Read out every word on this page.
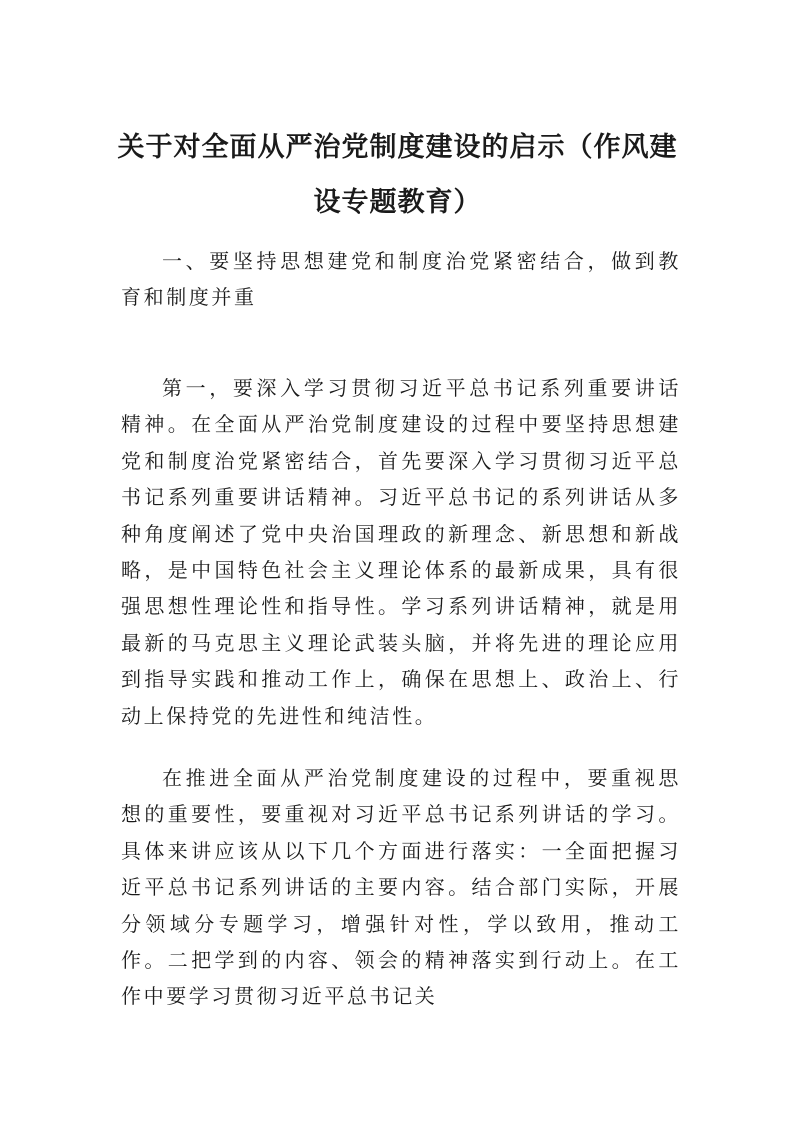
关于对全面从严治党制度建设的启示（作风建设专题教育）

一、要坚持思想建党和制度治党紧密结合，做到教育和制度并重

第一，要深入学习贯彻习近平总书记系列重要讲话精神。在全面从严治党制度建设的过程中要坚持思想建党和制度治党紧密结合，首先要深入学习贯彻习近平总书记系列重要讲话精神。习近平总书记的系列讲话从多种角度阐述了党中央治国理政的新理念、新思想和新战略，是中国特色社会主义理论体系的最新成果，具有很强思想性理论性和指导性。学习系列讲话精神，就是用最新的马克思主义理论武装头脑，并将先进的理论应用到指导实践和推动工作上，确保在思想上、政治上、行动上保持党的先进性和纯洁性。

在推进全面从严治党制度建设的过程中，要重视思想的重要性，要重视对习近平总书记系列讲话的学习。具体来讲应该从以下几个方面进行落实：一全面把握习近平总书记系列讲话的主要内容。结合部门实际，开展分领域分专题学习，增强针对性，学以致用，推动工作。二把学到的内容、领会的精神落实到行动上。在工作中要学习贯彻习近平总书记关
